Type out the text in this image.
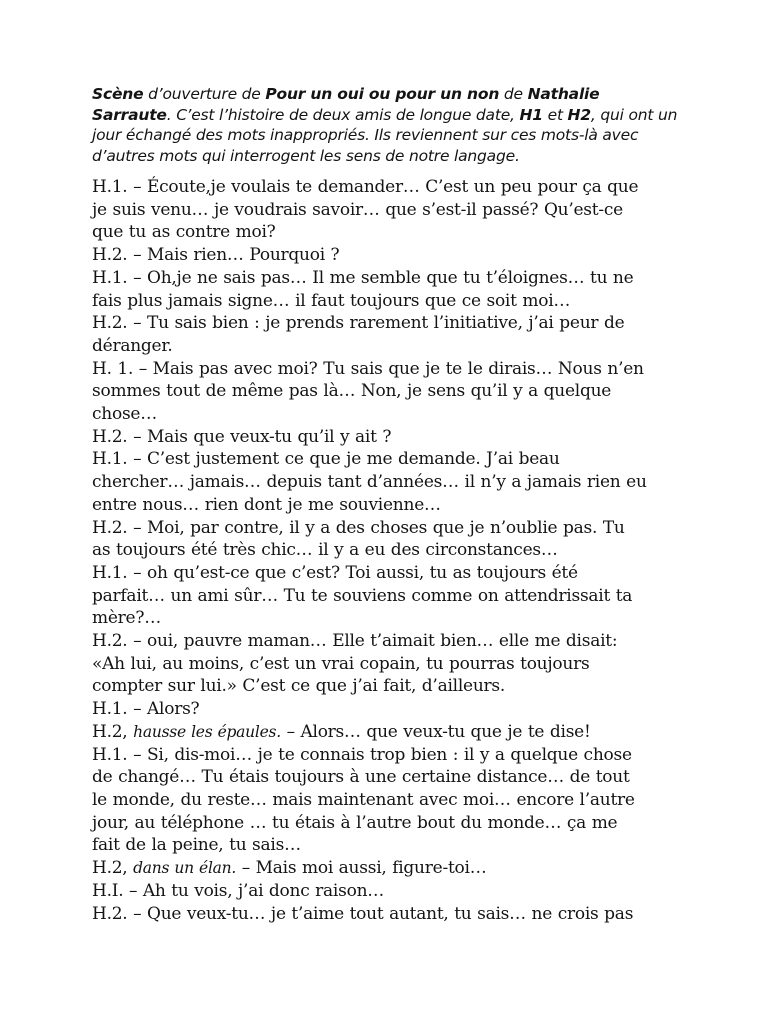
Scène d’ouverture de Pour un oui ou pour un non de Nathalie Sarraute. C’est l’histoire de deux amis de longue date, H1 et H2, qui ont un jour échangé des mots inappropriés. Ils reviennent sur ces mots-là avec d’autres mots qui interrogent les sens de notre langage.

H.1. – Écoute,je voulais te demander… C’est un peu pour ça que

je suis venu… je voudrais savoir… que s’est-il passé? Qu’est-ce

que tu as contre moi?

H.2. – Mais rien… Pourquoi ?

H.1. – Oh,je ne sais pas… Il me semble que tu t’éloignes… tu ne

fais plus jamais signe… il faut toujours que ce soit moi…

H.2. – Tu sais bien : je prends rarement l’initiative, j’ai peur de

déranger.

H. 1. – Mais pas avec moi? Tu sais que je te le dirais… Nous n’en

sommes tout de même pas là… Non, je sens qu’il y a quelque

chose…

H.2. – Mais que veux-tu qu’il y ait ?

H.1. – C’est justement ce que je me demande. J’ai beau

chercher… jamais… depuis tant d’années… il n’y a jamais rien eu

entre nous… rien dont je me souvienne…

H.2. – Moi, par contre, il y a des choses que je n’oublie pas. Tu

as toujours été très chic… il y a eu des circonstances…

H.1. – oh qu’est-ce que c’est? Toi aussi, tu as toujours été

parfait… un ami sûr… Tu te souviens comme on attendrissait ta

mère?…

H.2. – oui, pauvre maman… Elle t’aimait bien… elle me disait:

«Ah lui, au moins, c’est un vrai copain, tu pourras toujours

compter sur lui.» C’est ce que j’ai fait, d’ailleurs.

H.1. – Alors?

H.2, hausse les épaules. – Alors… que veux-tu que je te dise!

H.1. – Si, dis-moi… je te connais trop bien : il y a quelque chose

de changé… Tu étais toujours à une certaine distance… de tout

le monde, du reste… mais maintenant avec moi… encore l’autre

jour, au téléphone … tu étais à l’autre bout du monde… ça me

fait de la peine, tu sais…

H.2, dans un élan. – Mais moi aussi, figure-toi…

H.I. – Ah tu vois, j’ai donc raison…

H.2. – Que veux-tu… je t’aime tout autant, tu sais… ne crois pas
